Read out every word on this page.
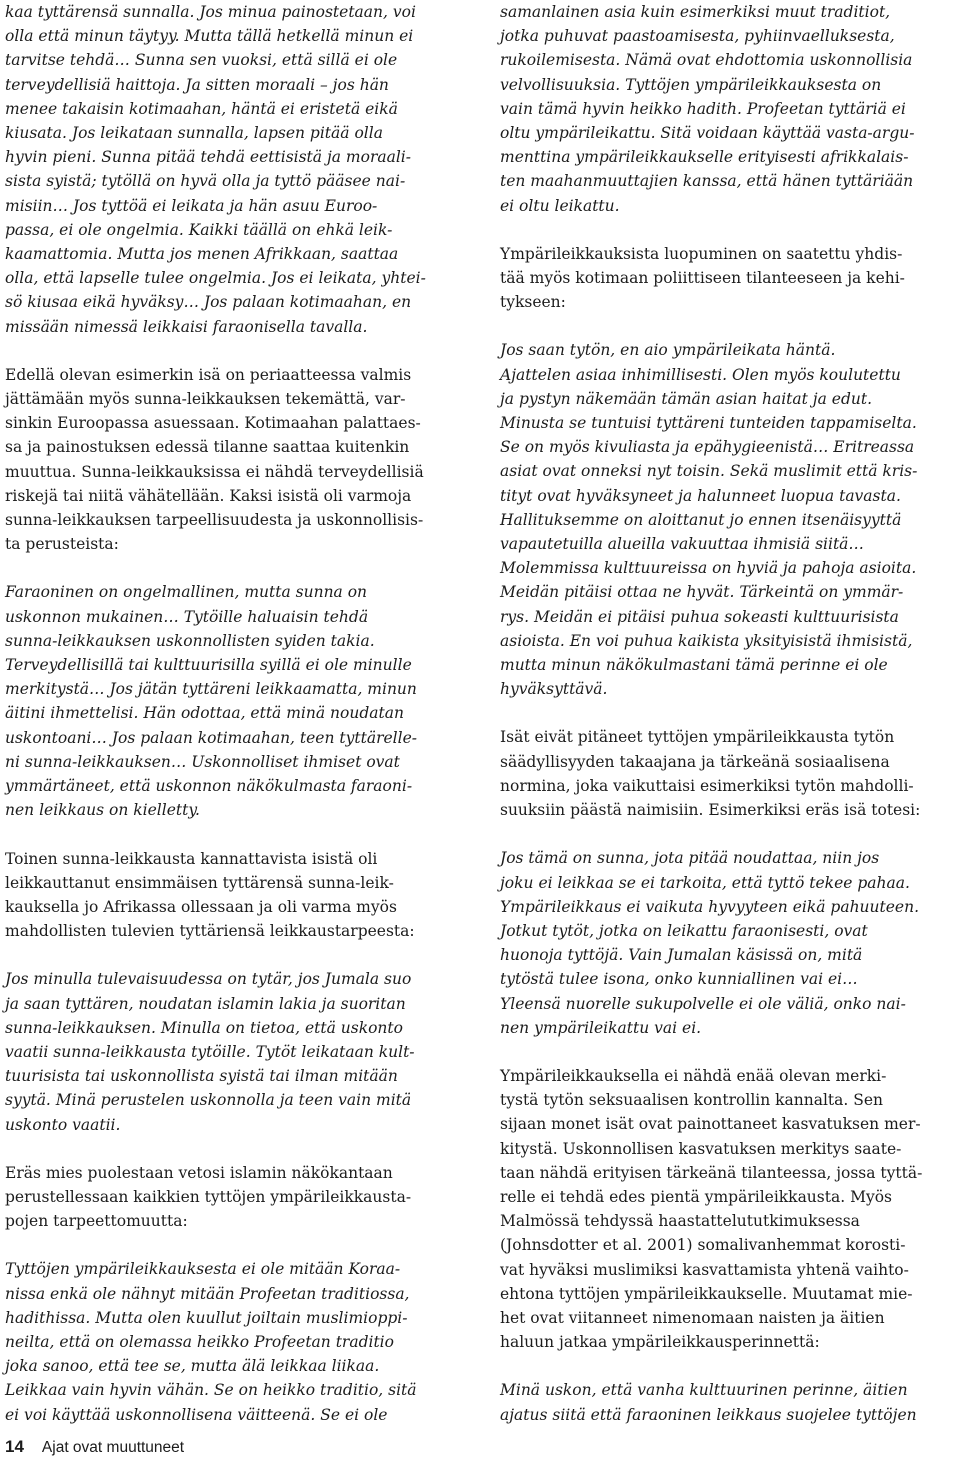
kaa tyttärensä sunnalla. Jos minua painostetaan, voi
olla että minun täytyy. Mutta tällä hetkellä minun ei
tarvitse tehdä… Sunna sen vuoksi, että sillä ei ole
terveydellisiä haittoja. Ja sitten moraali – jos hän
menee takaisin kotimaahan, häntä ei eristetä eikä
kiusata. Jos leikataan sunnalla, lapsen pitää olla
hyvin pieni. Sunna pitää tehdä eettisistä ja moraali-
sista syistä; tytöllä on hyvä olla ja tyttö pääsee nai-
misiin… Jos tyttöä ei leikata ja hän asuu Euroo-
passa, ei ole ongelmia. Kaikki täällä on ehkä leik-
kaamattomia. Mutta jos menen Afrikkaan, saattaa
olla, että lapselle tulee ongelmia. Jos ei leikata, yhtei-
sö kiusaa eikä hyväksy… Jos palaan kotimaahan, en
missään nimessä leikkaisi faraonisella tavalla.

Edellä olevan esimerkin isä on periaatteessa valmis
jättämään myös sunna-leikkauksen tekemättä, var-
sinkin Euroopassa asuessaan. Kotimaahan palattaes-
sa ja painostuksen edessä tilanne saattaa kuitenkin
muuttua. Sunna-leikkauksissa ei nähdä terveydellisiä
riskejä tai niitä vähätellään. Kaksi isistä oli varmoja
sunna-leikkauksen tarpeellisuudesta ja uskonnollisis-
ta perusteista:

Faraoninen on ongelmallinen, mutta sunna on
uskonnon mukainen… Tytöille haluaisin tehdä
sunna-leikkauksen uskonnollisten syiden takia.
Terveydellisillä tai kulttuurisilla syillä ei ole minulle
merkitystä… Jos jätän tyttäreni leikkaamatta, minun
äitini ihmettelisi. Hän odottaa, että minä noudatan
uskontoani… Jos palaan kotimaahan, teen tyttärelle-
ni sunna-leikkauksen… Uskonnolliset ihmiset ovat
ymmärtäneet, että uskonnon näkökulmasta faraoni-
nen leikkaus on kielletty.

Toinen sunna-leikkausta kannattavista isistä oli
leikkauttanut ensimmäisen tyttärensä sunna-leik-
kauksella jo Afrikassa ollessaan ja oli varma myös
mahdollisten tulevien tyttäriensä leikkaustarpeesta:

Jos minulla tulevaisuudessa on tytär, jos Jumala suo
ja saan tyttären, noudatan islamin lakia ja suoritan
sunna-leikkauksen. Minulla on tietoa, että uskonto
vaatii sunna-leikkausta tytöille. Tytöt leikataan kult-
tuurisista tai uskonnollista syistä tai ilman mitään
syytä. Minä perustelen uskonnolla ja teen vain mitä
uskonto vaatii.

Eräs mies puolestaan vetosi islamin näkökantaan
perustellessaan kaikkien tyttöjen ympärileikkausta-
pojen tarpeettomuutta:

Tyttöjen ympärileikkauksesta ei ole mitään Koraa-
nissa enkä ole nähnyt mitään Profeetan traditiossa,
hadithissa. Mutta olen kuullut joiltain muslimioppi-
neilta, että on olemassa heikko Profeetan traditio
joka sanoo, että tee se, mutta älä leikkaa liikaa.
Leikkaa vain hyvin vähän. Se on heikko traditio, sitä
ei voi käyttää uskonnollisena väitteenä. Se ei ole

samanlainen asia kuin esimerkiksi muut traditiot,
jotka puhuvat paastoamisesta, pyhiinvaelluksesta,
rukoilemisesta. Nämä ovat ehdottomia uskonnollisia
velvollisuuksia. Tyttöjen ympärileikkauksesta on
vain tämä hyvin heikko hadith. Profeetan tyttäriä ei
oltu ympärileikattu. Sitä voidaan käyttää vasta-argu-
menttina ympärileikkaukselle erityisesti afrikkalais-
ten maahanmuuttajien kanssa, että hänen tyttäriään
ei oltu leikattu.

Ympärileikkauksista luopuminen on saatettu yhdis-
tää myös kotimaan poliittiseen tilanteeseen ja kehi-
tykseen:

Jos saan tytön, en aio ympärileikata häntä.
Ajattelen asiaa inhimillisesti. Olen myös koulutettu
ja pystyn näkemään tämän asian haitat ja edut.
Minusta se tuntuisi tyttäreni tunteiden tappamiselta.
Se on myös kivuliasta ja epähygieenistä… Eritreassa
asiat ovat onneksi nyt toisin. Sekä muslimit että kris-
tityt ovat hyväksyneet ja halunneet luopua tavasta.
Hallituksemme on aloittanut jo ennen itsenäisyyttä
vapautetuilla alueilla vakuuttaa ihmisiä siitä…
Molemmissa kulttuureissa on hyviä ja pahoja asioita.
Meidän pitäisi ottaa ne hyvät. Tärkeintä on ymmär-
rys. Meidän ei pitäisi puhua sokeasti kulttuurisista
asioista. En voi puhua kaikista yksityisistä ihmisistä,
mutta minun näkökulmastani tämä perinne ei ole
hyväksyttävä.

Isät eivät pitäneet tyttöjen ympärileikkausta tytön
säädyllisyyden takaajana ja tärkeänä sosiaalisena
normina, joka vaikuttaisi esimerkiksi tytön mahdolli-
suuksiin päästä naimisiin. Esimerkiksi eräs isä totesi:

Jos tämä on sunna, jota pitää noudattaa, niin jos
joku ei leikkaa se ei tarkoita, että tyttö tekee pahaa.
Ympärileikkaus ei vaikuta hyvyyteen eikä pahuuteen.
Jotkut tytöt, jotka on leikattu faraonisesti, ovat
huonoja tyttöjä. Vain Jumalan käsissä on, mitä
tytöstä tulee isona, onko kunniallinen vai ei…
Yleensä nuorelle sukupolvelle ei ole väliä, onko nai-
nen ympärileikattu vai ei.

Ympärileikkauksella ei nähdä enää olevan merki-
tystä tytön seksuaalisen kontrollin kannalta. Sen
sijaan monet isät ovat painottaneet kasvatuksen mer-
kitystä. Uskonnollisen kasvatuksen merkitys saate-
taan nähdä erityisen tärkeänä tilanteessa, jossa tyttä-
relle ei tehdä edes pientä ympärileikkausta. Myös
Malmössä tehdyssä haastattelututkimuksessa
(Johnsdotter et al. 2001) somalivanhemmat korosti-
vat hyväksi muslimiksi kasvattamista yhtenä vaihto-
ehtona tyttöjen ympärileikkaukselle. Muutamat mie-
het ovat viitanneet nimenomaan naisten ja äitien
haluun jatkaa ympärileikkausperinnettä:

Minä uskon, että vanha kulttuurinen perinne, äitien
ajatus siitä että faraoninen leikkaus suojelee tyttöjen

14 Ajat ovat muuttuneet
